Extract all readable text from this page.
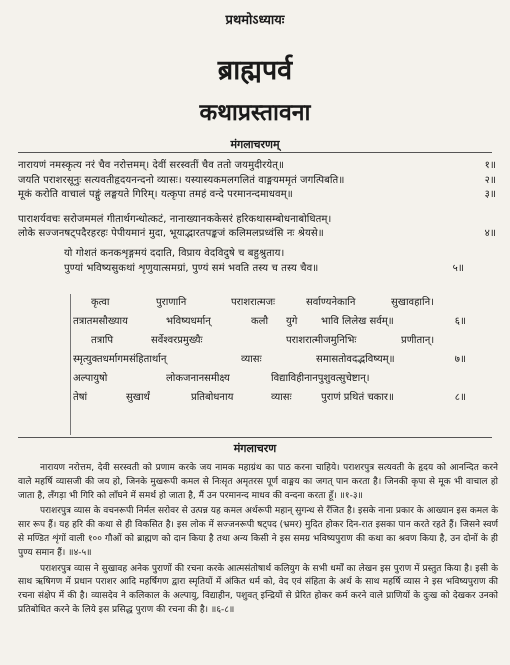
प्रथमोऽध्यायः
ब्राह्मपर्व
कथाप्रस्तावना
मंगलाचरणम्
नारायणं नमस्कृत्य नरं चैव नरोत्तमम्। देवीं सरस्वतीं चैव ततो जयमुदीरयेत्॥	१॥
जयति पराशरसूनुः सत्यवतीहृदयनन्दनो व्यासः। यस्यास्यकमलगलितं वाङ्मयममृतं जगत्पिबति॥	२॥
मूकं करोति वाचालं पङ्गुं लङ्घयते गिरिम्। यत्कृपा तमहं वन्दे परमानन्दमाधवम्॥	३॥
पाराशर्यवचः सरोजममलं गीतार्थगन्धोत्कटं, नानाख्यानककेसरं हरिकथासम्बोधनाबोधितम्।
लोके सज्जनषट्पदैरहरहः पेपीयमानं मुदा, भूयाद्भारतपङ्कजं कलिमलप्रध्वंसि नः श्रेयसे॥	४॥
यो गोशतं कनकशृङ्गमयं ददाति, विप्राय वेदविदुषे च बहुश्रुताय।
पुण्यां भविष्यसुकथां शृणुयात्समग्रां, पुण्यं समं भवति तस्य च तस्य चैव॥	५॥
कृत्वा	पुराणानि	पराशरात्मजः	सर्वाण्यनेकानि	सुखावहानि।
तत्रातमसौख्याय	भविष्यधर्मान्	कलौ युगे भावि लिलेख सर्वम्॥	६॥
तत्रापि	सर्वेश्वरप्रमुख्यैः	पराशरात्मीजमुनिभिः	प्रणीतान्।
स्मृत्युक्तधर्मागमसंहितार्थान्	व्यासः	समासतोवदद्भविष्यम्॥	७॥
अल्पायुषो	लोकजनानसमीक्ष्य	विद्याविहीनानपुशुवत्सुचेष्टान्।
तेषां	सुखार्थं	प्रतिबोधनाय	व्यासः	पुराणं प्रथितं चकार॥	८॥
मंगलाचरण

नारायण नरोत्तम, देवी सरस्वती को प्रणाम करके जय नामक महाग्रंथ का पाठ करना चाहिये। पराशरपुत्र सत्यवती के हृदय को आनन्दित करने वाले महर्षि व्यासजी की जय हो, जिनके मुखरूपी कमल से निःसृत अमृतरस पूर्ण वाङ्मय का जगत् पान करता है। जिनकी कृपा से मूक भी वाचाल हो जाता है, लँगड़ा भी गिरि को लाँघने में समर्थ हो जाता है, मैं उन परमानन्द माधव की वन्दना करता हूँ। ॥१-३॥

पराशरपुत्र व्यास के वचनरूपी निर्मल सरोवर से उत्पन्न यह कमल अर्थरूपी महान् सुगन्ध से रँजित है। इसके नाना प्रकार के आख्यान इस कमल के सार रूप हैं। यह हरि की कथा से ही विकसित है। इस लोक में सज्जनरूपी षट्पद (भ्रमर) मुदित होकर दिन-रात इसका पान करते रहते हैं। जिसने स्वर्ण से मण्डित शृंगों वाली १०० गौओं को ब्राह्मण को दान किया है तथा अन्य किसी ने इस समग्र भविष्यपुराण की कथा का श्रवण किया है, उन दोनों के ही पुण्य समान हैं। ॥४-५॥

पराशरपुत्र व्यास ने सुखावह अनेक पुराणों की रचना करके आत्मसंतोषार्थ कलियुग के सभी धर्मों का लेखन इस पुराण में प्रस्तुत किया है। इसी के साथ ऋषिगण में प्रधान पराशर आदि महर्षिगण द्वारा स्मृतियों में अंकित धर्म को, वेद एवं संहिता के अर्थ के साथ महर्षि व्यास ने इस भविष्यपुराण की रचना संक्षेप में की है। व्यासदेव ने कलिकाल के अल्पायु, विद्याहीन, पशुवत् इन्द्रियों से प्रेरित होकर कर्म करने वाले प्राणियों के दुःख को देखकर उनको प्रतिबोधित करने के लिये इस प्रसिद्ध पुराण की रचना की है। ॥६-८॥
